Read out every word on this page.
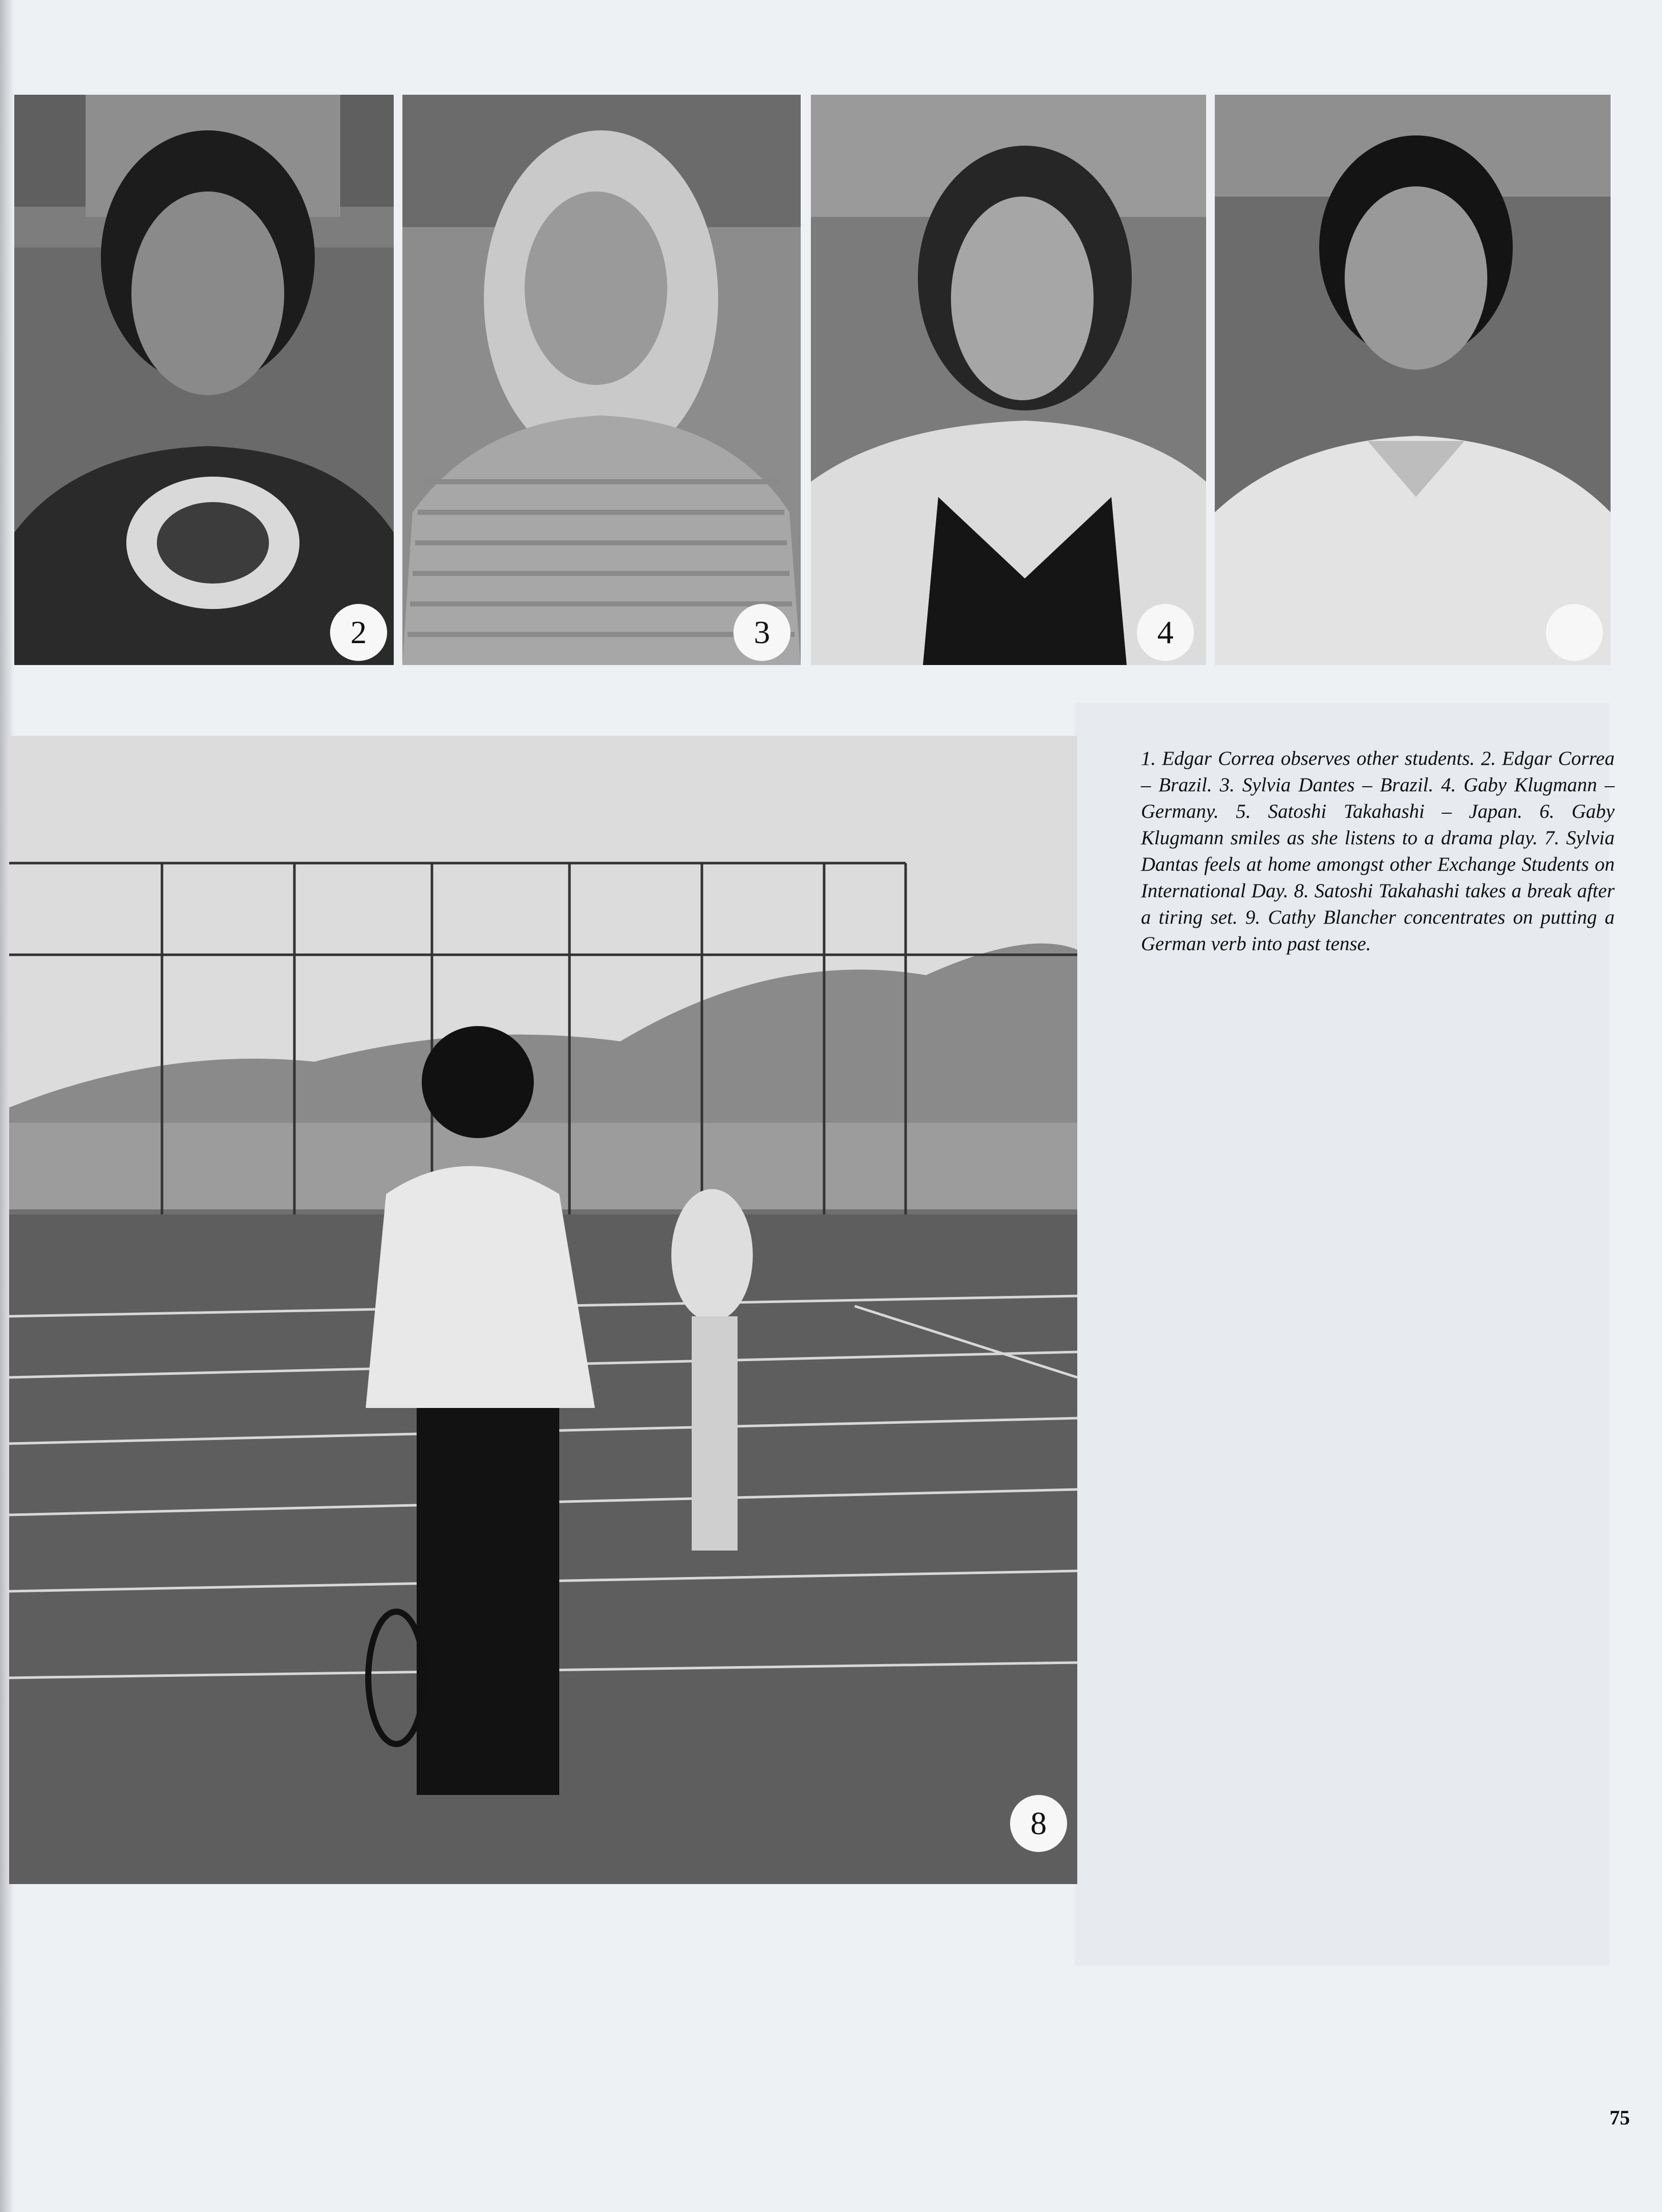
2	3	4
8

1. Edgar Correa observes other students. 2. Edgar Correa – Brazil. 3. Sylvia Dantes – Brazil. 4. Gaby Klugmann – Germany. 5. Satoshi Takahashi – Japan. 6. Gaby Klugmann smiles as she listens to a drama play. 7. Sylvia Dantas feels at home amongst other Exchange Students on International Day. 8. Satoshi Takahashi takes a break after a tiring set. 9. Cathy Blancher concentrates on putting a German verb into past tense.

75
